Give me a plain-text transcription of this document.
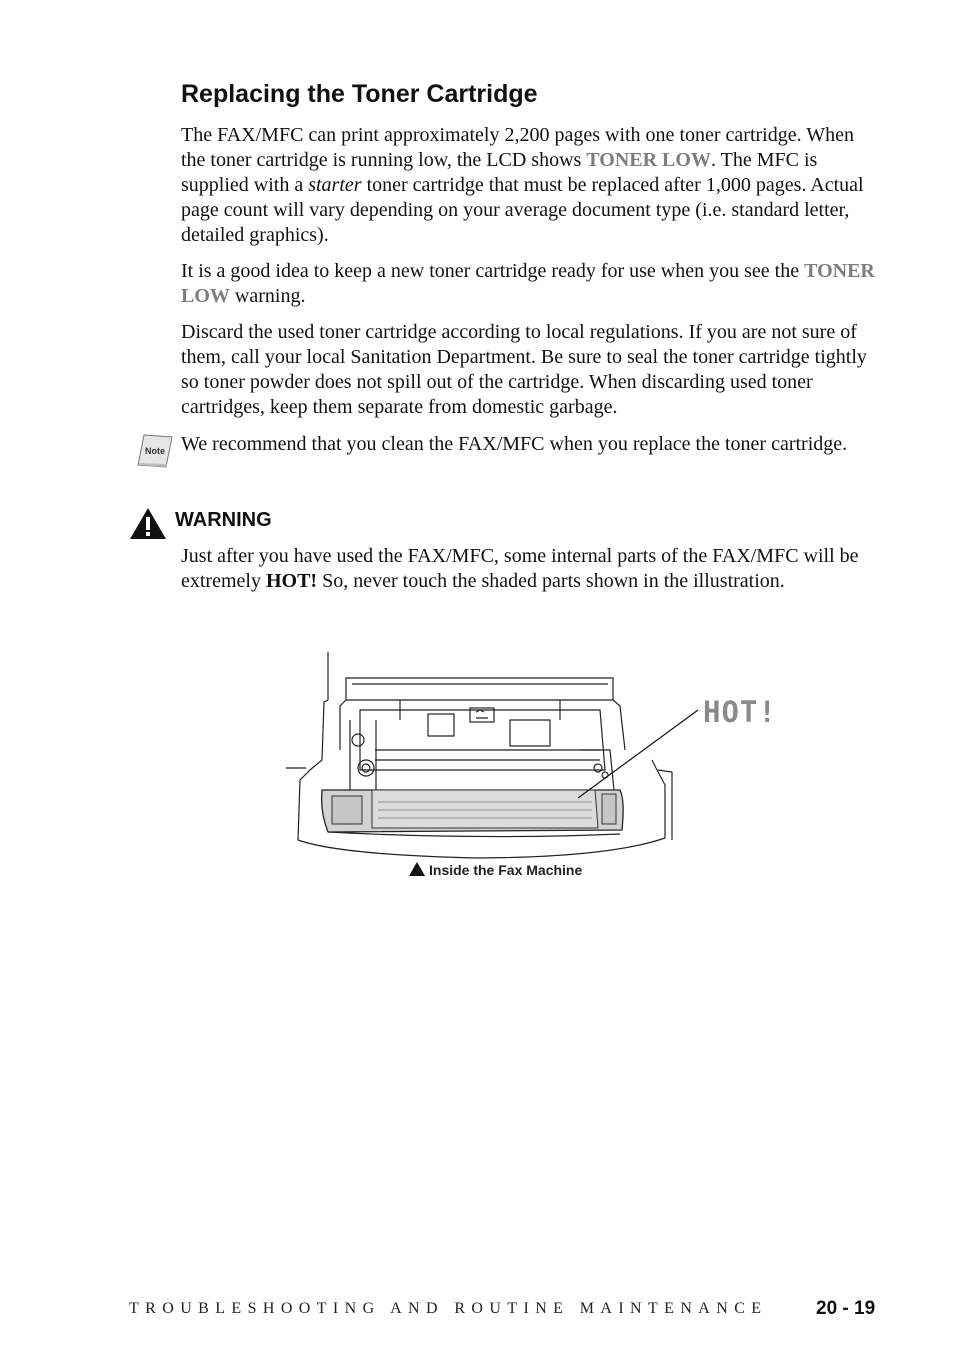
Replacing the Toner Cartridge

The FAX/MFC can print approximately 2,200 pages with one toner cartridge. When the toner cartridge is running low, the LCD shows TONER LOW. The MFC is supplied with a starter toner cartridge that must be replaced after 1,000 pages. Actual page count will vary depending on your average document type (i.e. standard letter, detailed graphics).

It is a good idea to keep a new toner cartridge ready for use when you see the TONER LOW warning.

Discard the used toner cartridge according to local regulations. If you are not sure of them, call your local Sanitation Department. Be sure to seal the toner cartridge tightly so toner powder does not spill out of the cartridge. When discarding used toner cartridges, keep them separate from domestic garbage.

Note We recommend that you clean the FAX/MFC when you replace the toner cartridge.

WARNING

Just after you have used the FAX/MFC, some internal parts of the FAX/MFC will be extremely HOT! So, never touch the shaded parts shown in the illustration.

HOT!
Inside the Fax Machine
TROUBLESHOOTING AND ROUTINE MAINTENANCE	20 - 19
